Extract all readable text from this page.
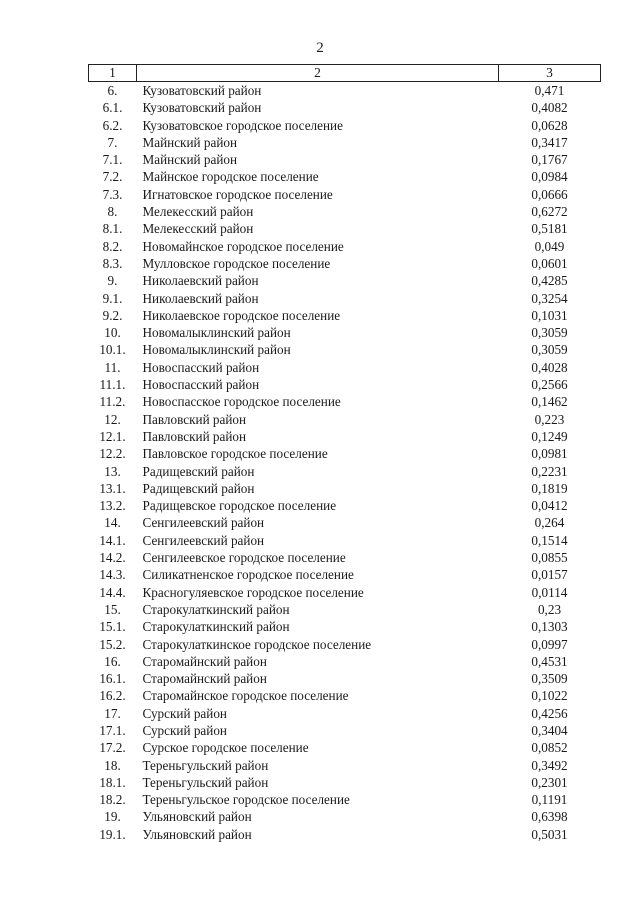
2
1	2	3
6.	Кузоватовский район	0,471
6.1.	Кузоватовский район	0,4082
6.2.	Кузоватовское городское поселение	0,0628
7.	Майнский район	0,3417
7.1.	Майнский район	0,1767
7.2.	Майнское городское поселение	0,0984
7.3.	Игнатовское городское поселение	0,0666
8.	Мелекесский район	0,6272
8.1.	Мелекесский район	0,5181
8.2.	Новомайнское городское поселение	0,049
8.3.	Мулловское городское поселение	0,0601
9.	Николаевский район	0,4285
9.1.	Николаевский район	0,3254
9.2.	Николаевское городское поселение	0,1031
10.	Новомалыклинский район	0,3059
10.1.	Новомалыклинский район	0,3059
11.	Новоспасский район	0,4028
11.1.	Новоспасский район	0,2566
11.2.	Новоспасское городское поселение	0,1462
12.	Павловский район	0,223
12.1.	Павловский район	0,1249
12.2.	Павловское городское поселение	0,0981
13.	Радищевский район	0,2231
13.1.	Радищевский район	0,1819
13.2.	Радищевское городское поселение	0,0412
14.	Сенгилеевский район	0,264
14.1.	Сенгилеевский район	0,1514
14.2.	Сенгилеевское городское поселение	0,0855
14.3.	Силикатненское городское поселение	0,0157
14.4.	Красногуляевское городское поселение	0,0114
15.	Старокулаткинский район	0,23
15.1.	Старокулаткинский район	0,1303
15.2.	Старокулаткинское городское поселение	0,0997
16.	Старомайнский район	0,4531
16.1.	Старомайнский район	0,3509
16.2.	Старомайнское городское поселение	0,1022
17.	Сурский район	0,4256
17.1.	Сурский район	0,3404
17.2.	Сурское городское поселение	0,0852
18.	Тереньгульский район	0,3492
18.1.	Тереньгульский район	0,2301
18.2.	Тереньгульское городское поселение	0,1191
19.	Ульяновский район	0,6398
19.1.	Ульяновский район	0,5031
